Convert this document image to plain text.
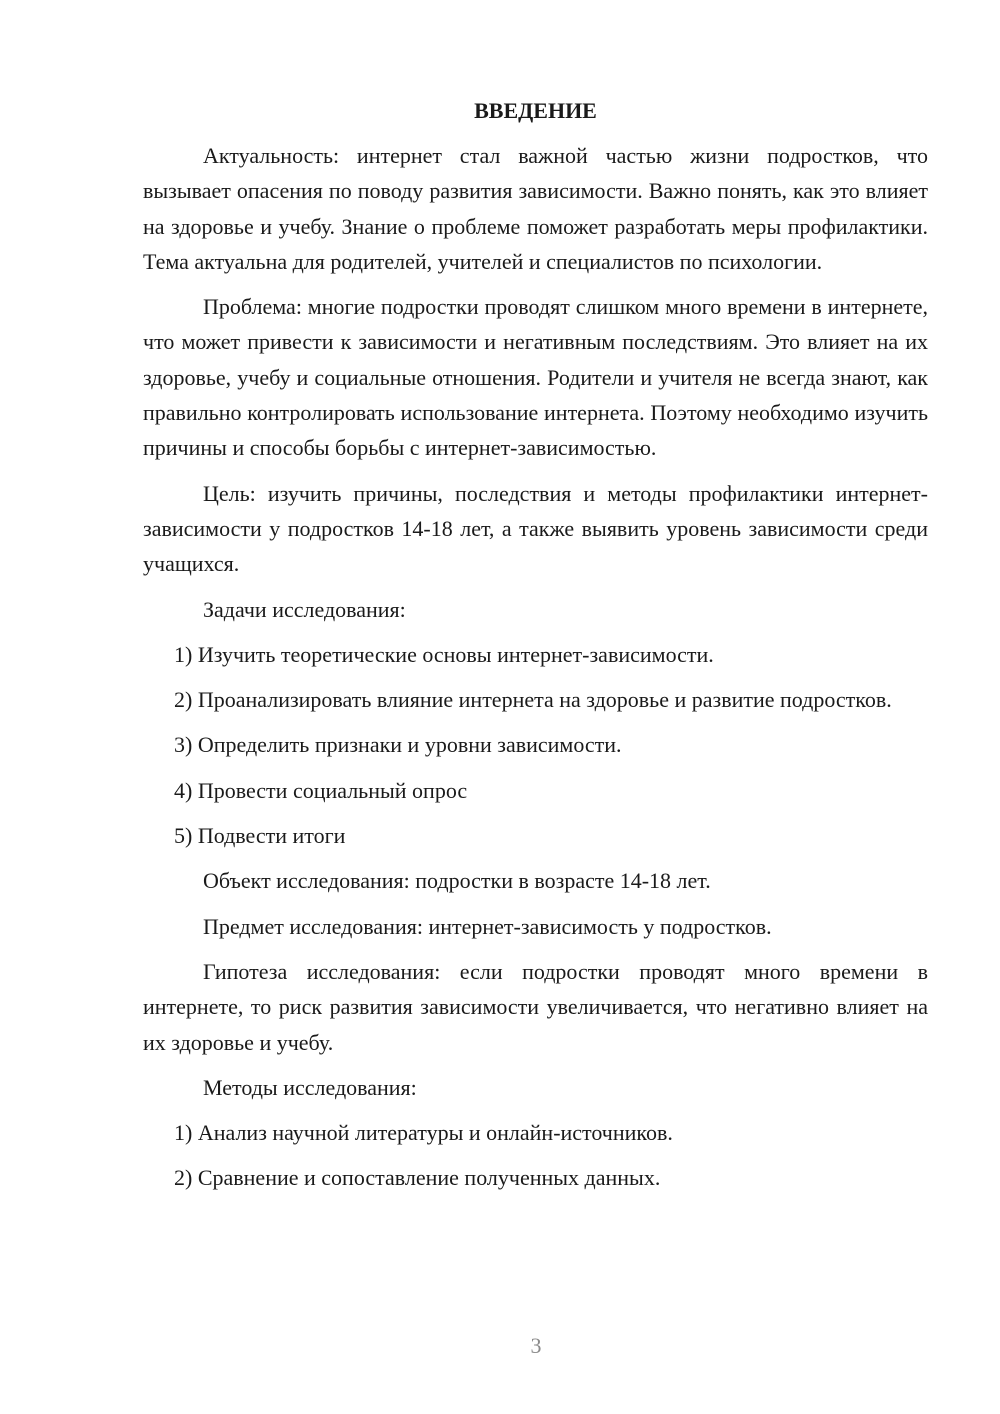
ВВЕДЕНИЕ

Актуальность: интернет стал важной частью жизни подростков, что вызывает опасения по поводу развития зависимости. Важно понять, как это влияет на здоровье и учебу. Знание о проблеме поможет разработать меры профилактики. Тема актуальна для родителей, учителей и специалистов по психологии.

Проблема: многие подростки проводят слишком много времени в интернете, что может привести к зависимости и негативным последствиям. Это влияет на их здоровье, учебу и социальные отношения. Родители и учителя не всегда знают, как правильно контролировать использование интернета. Поэтому необходимо изучить причины и способы борьбы с интернет-зависимостью.

Цель: изучить причины, последствия и методы профилактики интернет-зависимости у подростков 14-18 лет, а также выявить уровень зависимости среди учащихся.

Задачи исследования:

1) Изучить теоретические основы интернет-зависимости.

2) Проанализировать влияние интернета на здоровье и развитие подростков.

3) Определить признаки и уровни зависимости.

4) Провести социальный опрос

5) Подвести итоги

Объект исследования: подростки в возрасте 14-18 лет.

Предмет исследования: интернет-зависимость у подростков.

Гипотеза исследования: если подростки проводят много времени в интернете, то риск развития зависимости увеличивается, что негативно влияет на их здоровье и учебу.

Методы исследования:

1) Анализ научной литературы и онлайн-источников.

2) Сравнение и сопоставление полученных данных.

3
